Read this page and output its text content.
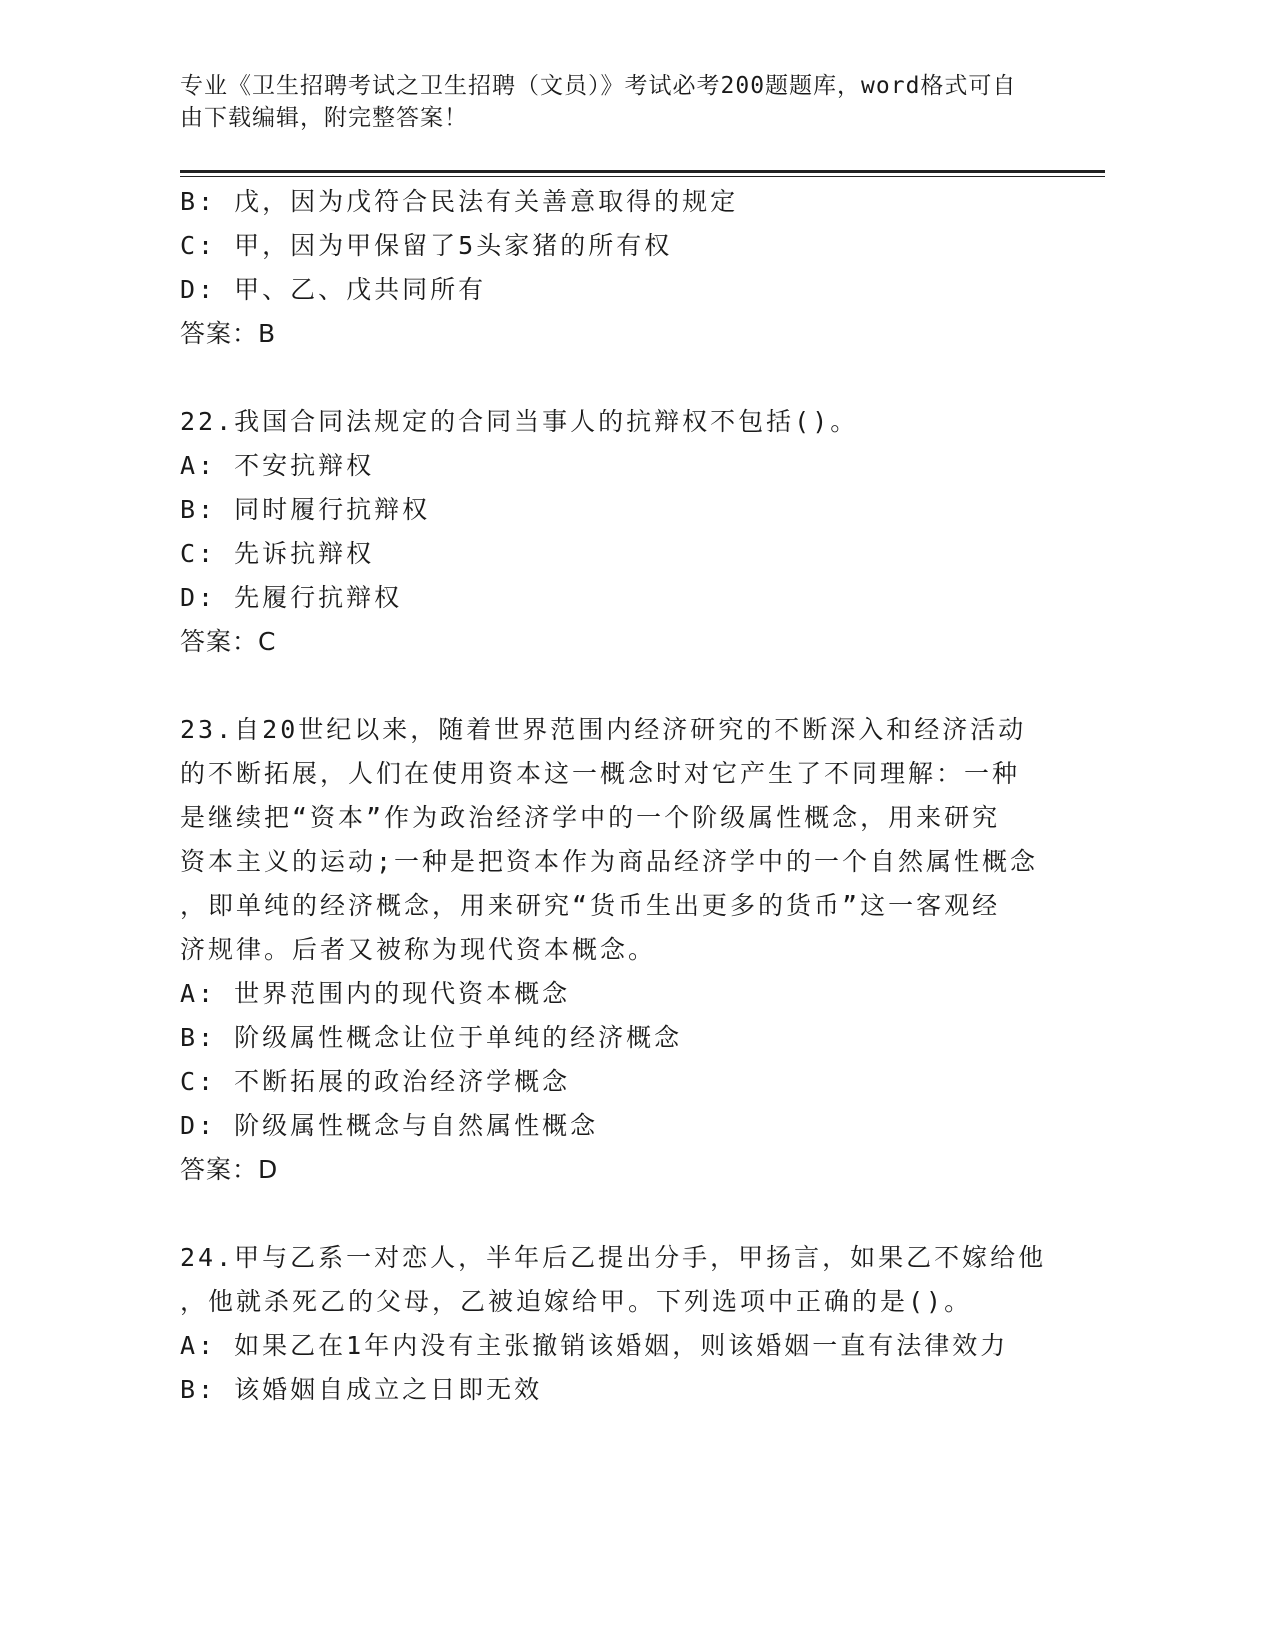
专业《卫生招聘考试之卫生招聘（文员）》考试必考200题题库，word格式可自
由下载编辑，附完整答案！
B: 戊，因为戊符合民法有关善意取得的规定
C: 甲，因为甲保留了5头家猪的所有权
D: 甲、乙、戊共同所有
答案：B
22.我国合同法规定的合同当事人的抗辩权不包括()。
A: 不安抗辩权
B: 同时履行抗辩权
C: 先诉抗辩权
D: 先履行抗辩权
答案：C
23.自20世纪以来，随着世界范围内经济研究的不断深入和经济活动
的不断拓展，人们在使用资本这一概念时对它产生了不同理解：一种
是继续把“资本”作为政治经济学中的一个阶级属性概念，用来研究
资本主义的运动;一种是把资本作为商品经济学中的一个自然属性概念
，即单纯的经济概念，用来研究“货币生出更多的货币”这一客观经
济规律。后者又被称为现代资本概念。
A: 世界范围内的现代资本概念
B: 阶级属性概念让位于单纯的经济概念
C: 不断拓展的政治经济学概念
D: 阶级属性概念与自然属性概念
答案：D
24.甲与乙系一对恋人，半年后乙提出分手，甲扬言，如果乙不嫁给他
，他就杀死乙的父母，乙被迫嫁给甲。下列选项中正确的是()。
A: 如果乙在1年内没有主张撤销该婚姻，则该婚姻一直有法律效力
B: 该婚姻自成立之日即无效
